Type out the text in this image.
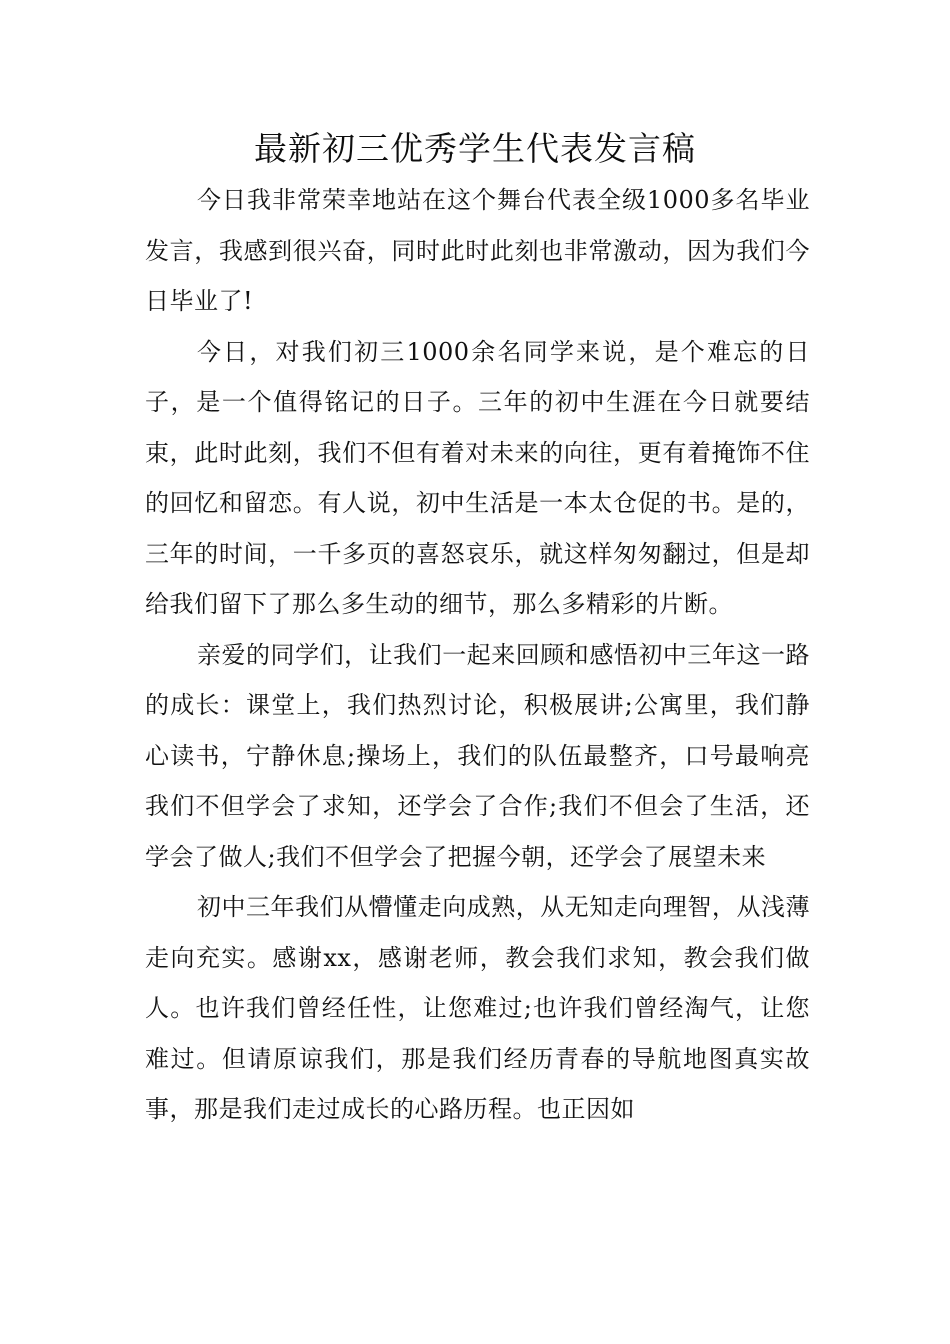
最新初三优秀学生代表发言稿

今日我非常荣幸地站在这个舞台代表全级1000多名毕业发言，我感到很兴奋，同时此时此刻也非常激动，因为我们今日毕业了!

今日，对我们初三1000余名同学来说，是个难忘的日子，是一个值得铭记的日子。三年的初中生涯在今日就要结束，此时此刻，我们不但有着对未来的向往，更有着掩饰不住的回忆和留恋。有人说，初中生活是一本太仓促的书。是的，三年的时间，一千多页的喜怒哀乐，就这样匆匆翻过，但是却给我们留下了那么多生动的细节，那么多精彩的片断。

亲爱的同学们，让我们一起来回顾和感悟初中三年这一路的成长：课堂上，我们热烈讨论，积极展讲;公寓里，我们静心读书，宁静休息;操场上，我们的队伍最整齐，口号最响亮我们不但学会了求知，还学会了合作;我们不但会了生活，还学会了做人;我们不但学会了把握今朝，还学会了展望未来

初中三年我们从懵懂走向成熟，从无知走向理智，从浅薄走向充实。感谢xx，感谢老师，教会我们求知，教会我们做人。也许我们曾经任性，让您难过;也许我们曾经淘气，让您难过。但请原谅我们，那是我们经历青春的导航地图真实故事，那是我们走过成长的心路历程。也正因如
